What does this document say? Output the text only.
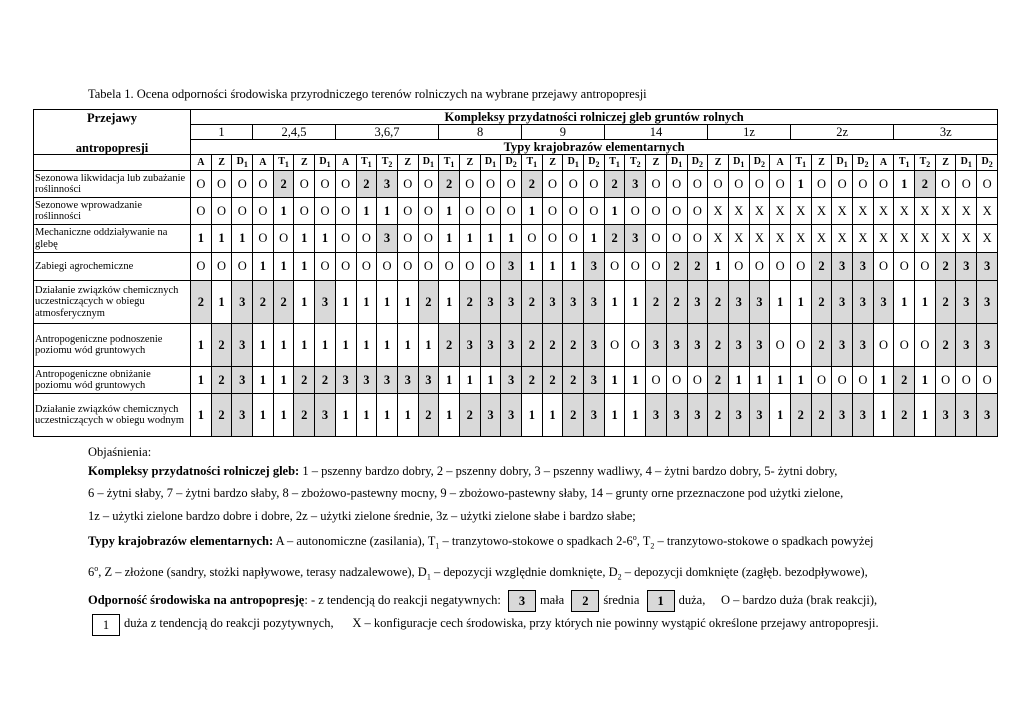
Tabela 1. Ocena odporności środowiska przyrodniczego terenów rolniczych na wybrane przejawy antropopresji
Przejawy
antropopresji	Kompleksy przydatności rolniczej gleb gruntów rolnych																																						
	1			2,4,5				3,6,7					8				9				14					1z				2z					3z				
	Typy krajobrazów elementarnych																																						
	A	Z	$D_1$	A	$T_1$	Z	$D_1$	A	$T_1$	$T_2$	Z	$D_1$	$T_1$	Z	$D_1$	$D_2$	$T_1$	Z	$D_1$	$D_2$	$T_1$	$T_2$	Z	$D_1$	$D_2$	Z	$D_1$	$D_2$	A	$T_1$	Z	$D_1$	$D_2$	A	$T_1$	$T_2$	Z	$D_1$	$D_2$
Sezonowa likwidacja lub zubażanie roślinności	O	O	O	O	2	O	O	O	2	3	O	O	2	O	O	O	2	O	O	O	2	3	O	O	O	O	O	O	O	1	O	O	O	O	1	2	O	O	O
Sezonowe wprowadzanie roślinności	O	O	O	O	1	O	O	O	1	1	O	O	1	O	O	O	1	O	O	O	1	O	O	O	O	X	X	X	X	X	X	X	X	X	X	X	X	X	X
Mechaniczne oddziaływanie na glebę	1	1	1	O	O	1	1	O	O	3	O	O	1	1	1	1	O	O	O	1	2	3	O	O	O	X	X	X	X	X	X	X	X	X	X	X	X	X	X
Zabiegi agrochemiczne	O	O	O	1	1	1	O	O	O	O	O	O	O	O	O	3	1	1	1	3	O	O	O	2	2	1	O	O	O	O	2	3	3	O	O	O	2	3	3
Działanie związków chemicznych uczestniczących w obiegu atmosferycznym	2	1	3	2	2	1	3	1	1	1	1	2	1	2	3	3	2	3	3	3	1	1	2	2	3	2	3	3	1	1	2	3	3	3	1	1	2	3	3
Antropogeniczne podnoszenie poziomu wód gruntowych	1	2	3	1	1	1	1	1	1	1	1	1	2	3	3	3	2	2	2	3	O	O	3	3	3	2	3	3	O	O	2	3	3	O	O	O	2	3	3
Antropogeniczne obniżanie poziomu wód gruntowych	1	2	3	1	1	2	2	3	3	3	3	3	1	1	1	3	2	2	2	3	1	1	O	O	O	2	1	1	1	1	O	O	O	1	2	1	O	O	O
Działanie związków chemicznych uczestniczących w obiegu wodnym	1	2	3	1	1	2	3	1	1	1	1	2	1	2	3	3	1	1	2	3	1	1	3	3	3	2	3	3	1	2	2	3	3	1	2	1	3	3	3

Objaśnienia:

Kompleksy przydatności rolniczej gleb: 1 – pszenny bardzo dobry, 2 – pszenny dobry, 3 – pszenny wadliwy, 4 – żytni bardzo dobry, 5- żytni dobry,

6 – żytni słaby, 7 – żytni bardzo słaby, 8 – zbożowo-pastewny mocny, 9 – zbożowo-pastewny słaby, 14 – grunty orne przeznaczone pod użytki zielone,

1z – użytki zielone bardzo dobre i dobre, 2z – użytki zielone średnie, 3z – użytki zielone słabe i bardzo słabe;

Typy krajobrazów elementarnych: A – autonomiczne (zasilania), $T_1$ – tranzytowo-stokowe o spadkach 2-6$^o$, $T_2$ – tranzytowo-stokowe o spadkach powyżej

6$^o$, Z – złożone (sandry, stożki napływowe, terasy nadzalewowe), $D_1$ – depozycji względnie domknięte, $D_2$ – depozycji domknięte (zagłęb. bezodpływowe),

Odporność środowiska na antropopresję: - z tendencją do reakcji negatywnych: 3 mała 2 średnia 1 duża, O – bardzo duża (brak reakcji),

1 duża z tendencją do reakcji pozytywnych, X – konfiguracje cech środowiska, przy których nie powinny wystąpić określone przejawy antropopresji.
